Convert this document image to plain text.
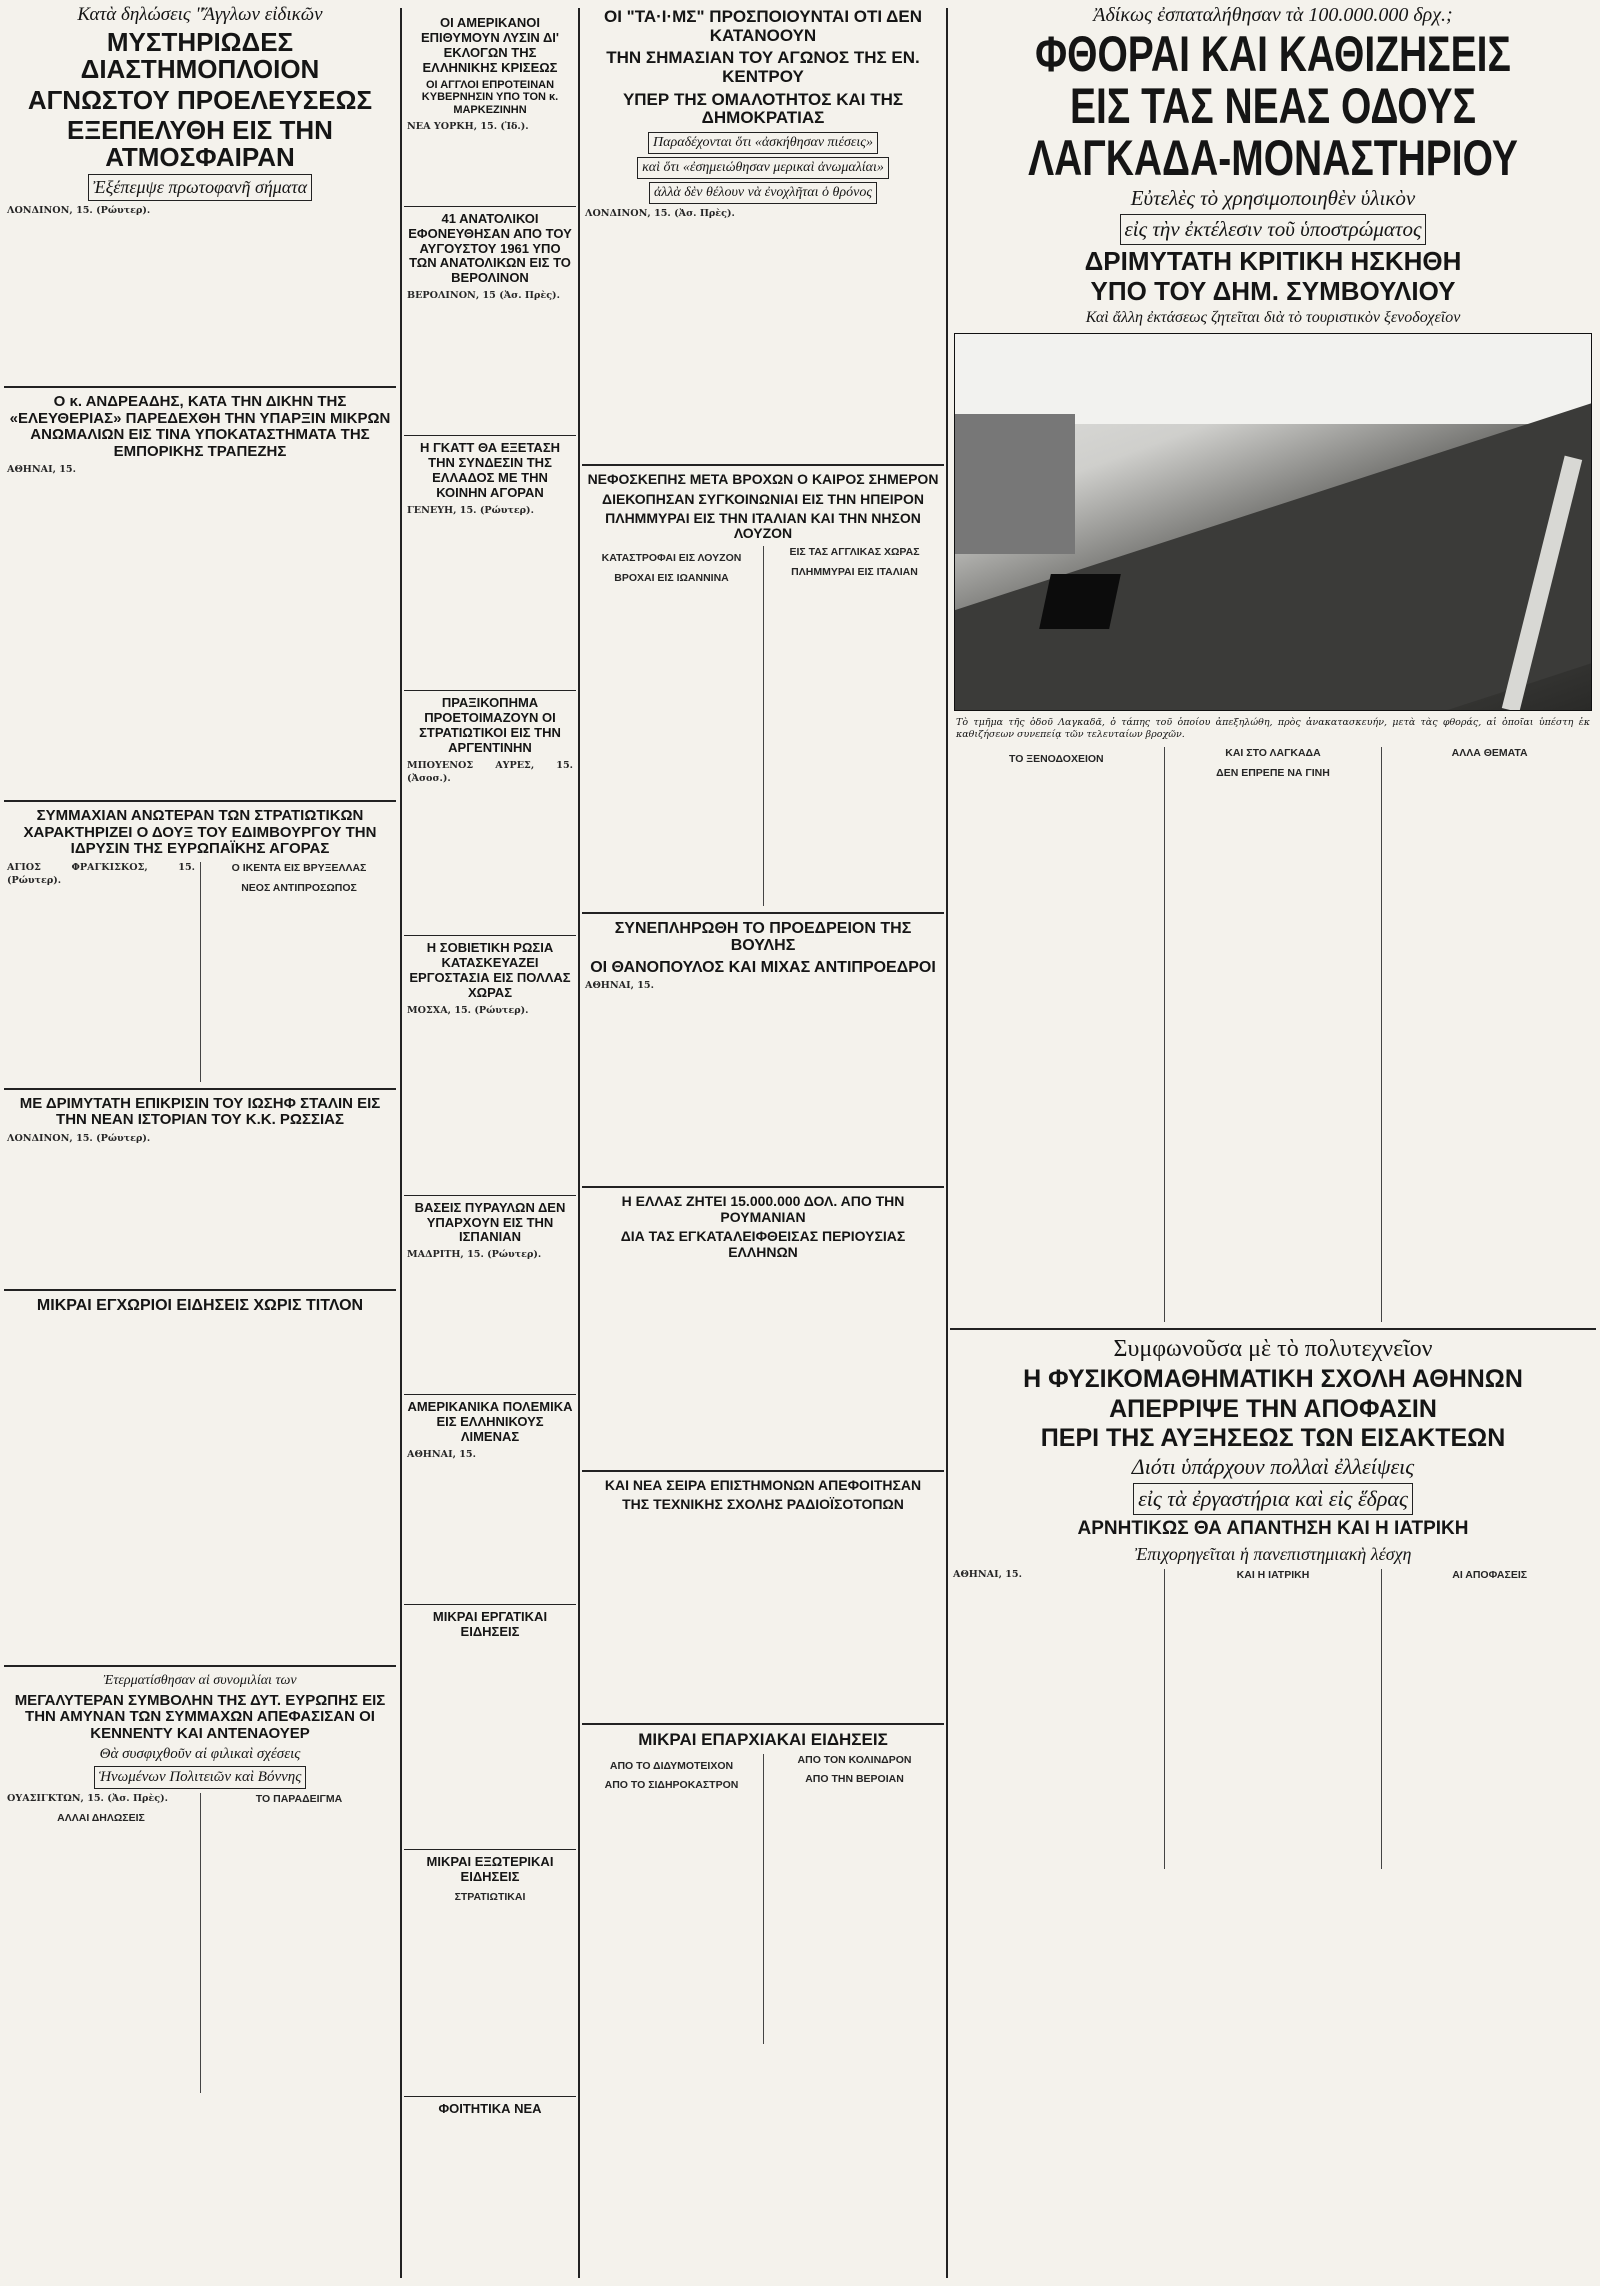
Κατὰ δηλώσεις "Ἄγγλων εἰδικῶν
ΜΥΣΤΗΡΙΩΔΕΣ ΔΙΑΣΤΗΜΟΠΛΟΙΟΝ
ΑΓΝΩΣΤΟΥ ΠΡΟΕΛΕΥΣΕΩΣ
ΕΞΕΠΕΛΥΘΗ ΕΙΣ ΤΗΝ ΑΤΜΟΣΦΑΙΡΑΝ
Ἐξέπεμψε πρωτοφανῆ σήματα
ΛΟΝΔΙΝΟΝ, 15. (Ρώυτερ).
Ο κ. ΑΝΔΡΕΑΔΗΣ, ΚΑΤΑ ΤΗΝ ΔΙΚΗΝ ΤΗΣ «ΕΛΕΥΘΕΡΙΑΣ» ΠΑΡΕΔΕΧΘΗ ΤΗΝ ΥΠΑΡΞΙΝ ΜΙΚΡΩΝ ΑΝΩΜΑΛΙΩΝ ΕΙΣ ΤΙΝΑ ΥΠΟΚΑΤΑΣΤΗΜΑΤΑ ΤΗΣ ΕΜΠΟΡΙΚΗΣ ΤΡΑΠΕΖΗΣ
ΑΘΗΝΑΙ, 15.
ΣΥΜΜΑΧΙΑΝ ΑΝΩΤΕΡΑΝ ΤΩΝ ΣΤΡΑΤΙΩΤΙΚΩΝ ΧΑΡΑΚΤΗΡΙΖΕΙ Ο ΔΟΥΞ ΤΟΥ ΕΔΙΜΒΟΥΡΓΟΥ ΤΗΝ ΙΔΡΥΣΙΝ ΤΗΣ ΕΥΡΩΠΑΪΚΗΣ ΑΓΟΡΑΣ
ΑΓΙΟΣ ΦΡΑΓΚΙΣΚΟΣ, 15. (Ρώυτερ).
Ο ΙΚΕΝΤΑ ΕΙΣ ΒΡΥΞΕΛΛΑΣ
ΝΕΟΣ ΑΝΤΙΠΡΟΣΩΠΟΣ
ΜΕ ΔΡΙΜΥΤΑΤΗ ΕΠΙΚΡΙΣΙΝ ΤΟΥ ΙΩΣΗΦ ΣΤΑΛΙΝ ΕΙΣ ΤΗΝ ΝΕΑΝ ΙΣΤΟΡΙΑΝ ΤΟΥ Κ.Κ. ΡΩΣΣΙΑΣ
ΛΟΝΔΙΝΟΝ, 15. (Ρώυτερ).
ΜΙΚΡΑΙ ΕΓΧΩΡΙΟΙ ΕΙΔΗΣΕΙΣ ΧΩΡΙΣ ΤΙΤΛΟΝ
Ἐτερματίσθησαν αἱ συνομιλίαι των
ΜΕΓΑΛΥΤΕΡΑΝ ΣΥΜΒΟΛΗΝ ΤΗΣ ΔΥΤ. ΕΥΡΩΠΗΣ ΕΙΣ ΤΗΝ ΑΜΥΝΑΝ ΤΩΝ ΣΥΜΜΑΧΩΝ ΑΠΕΦΑΣΙΣΑΝ ΟΙ ΚΕΝΝΕΝΤΥ ΚΑΙ ΑΝΤΕΝΑΟΥΕΡ
Θὰ συσφιχθοῦν αἱ φιλικαὶ σχέσεις
Ἡνωμένων Πολιτειῶν καὶ Βόννης
ΟΥΑΣΙΓΚΤΩΝ, 15. (Ἀσ. Πρὲς).
ΑΛΛΑΙ ΔΗΛΩΣΕΙΣ
ΤΟ ΠΑΡΑΔΕΙΓΜΑ
ΟΙ ΑΜΕΡΙΚΑΝΟΙ ΕΠΙΘΥΜΟΥΝ ΛΥΣΙΝ ΔΙ' ΕΚΛΟΓΩΝ ΤΗΣ ΕΛΛΗΝΙΚΗΣ ΚΡΙΣΕΩΣ
ΟΙ ΑΓΓΛΟΙ ΕΠΡΟΤΕΙΝΑΝ ΚΥΒΕΡΝΗΣΙΝ ΥΠΟ ΤΟΝ κ. ΜΑΡΚΕΖΙΝΗΝ
ΝΕΑ ΥΟΡΚΗ, 15. (Ἰδ.).
41 ΑΝΑΤΟΛΙΚΟΙ ΕΦΟΝΕΥΘΗΣΑΝ ΑΠΟ ΤΟΥ ΑΥΓΟΥΣΤΟΥ 1961 ΥΠΟ ΤΩΝ ΑΝΑΤΟΛΙΚΩΝ ΕΙΣ ΤΟ ΒΕΡΟΛΙΝΟΝ
ΒΕΡΟΛΙΝΟΝ, 15 (Ἀσ. Πρὲς).
Η ΓΚΑΤΤ ΘΑ ΕΞΕΤΑΣΗ ΤΗΝ ΣΥΝΔΕΣΙΝ ΤΗΣ ΕΛΛΑΔΟΣ ΜΕ ΤΗΝ ΚΟΙΝΗΝ ΑΓΟΡΑΝ
ΓΕΝΕΥΗ, 15. (Ρώυτερ).
ΠΡΑΞΙΚΟΠΗΜΑ ΠΡΟΕΤΟΙΜΑΖΟΥΝ ΟΙ ΣΤΡΑΤΙΩΤΙΚΟΙ ΕΙΣ ΤΗΝ ΑΡΓΕΝΤΙΝΗΝ
ΜΠΟΥΕΝΟΣ ΑΥΡΕΣ, 15. (Ἀσοσ.).
Η ΣΟΒΙΕΤΙΚΗ ΡΩΣΙΑ ΚΑΤΑΣΚΕΥΑΖΕΙ ΕΡΓΟΣΤΑΣΙΑ ΕΙΣ ΠΟΛΛΑΣ ΧΩΡΑΣ
ΜΟΣΧΑ, 15. (Ρώυτερ).
ΒΑΣΕΙΣ ΠΥΡΑΥΛΩΝ ΔΕΝ ΥΠΑΡΧΟΥΝ ΕΙΣ ΤΗΝ ΙΣΠΑΝΙΑΝ
ΜΑΔΡΙΤΗ, 15. (Ρώυτερ).
ΑΜΕΡΙΚΑΝΙΚΑ ΠΟΛΕΜΙΚΑ ΕΙΣ ΕΛΛΗΝΙΚΟΥΣ ΛΙΜΕΝΑΣ
ΑΘΗΝΑΙ, 15.
ΜΙΚΡΑΙ ΕΡΓΑΤΙΚΑΙ ΕΙΔΗΣΕΙΣ
ΜΙΚΡΑΙ ΕΞΩΤΕΡΙΚΑΙ ΕΙΔΗΣΕΙΣ
ΣΤΡΑΤΙΩΤΙΚΑΙ
ΦΟΙΤΗΤΙΚΑ ΝΕΑ
ΟΙ "ΤΑ·Ι·ΜΣ" ΠΡΟΣΠΟΙΟΥΝΤΑΙ ΟΤΙ ΔΕΝ ΚΑΤΑΝΟΟΥΝ
ΤΗΝ ΣΗΜΑΣΙΑΝ ΤΟΥ ΑΓΩΝΟΣ ΤΗΣ ΕΝ. ΚΕΝΤΡΟΥ
ΥΠΕΡ ΤΗΣ ΟΜΑΛΟΤΗΤΟΣ ΚΑΙ ΤΗΣ ΔΗΜΟΚΡΑΤΙΑΣ
Παραδέχονται ὅτι «ἀσκήθησαν πιέσεις»
καὶ ὅτι «ἐσημειώθησαν μερικαὶ ἀνωμαλίαι»
ἀλλὰ δὲν θέλουν νὰ ἐνοχλῆται ὁ θρόνος
ΛΟΝΔΙΝΟΝ, 15. (Ἀσ. Πρὲς).
ΝΕΦΟΣΚΕΠΗΣ ΜΕΤΑ ΒΡΟΧΩΝ Ο ΚΑΙΡΟΣ ΣΗΜΕΡΟΝ
ΔΙΕΚΟΠΗΣΑΝ ΣΥΓΚΟΙΝΩΝΙΑΙ ΕΙΣ ΤΗΝ ΗΠΕΙΡΟΝ
ΠΛΗΜΜΥΡΑΙ ΕΙΣ ΤΗΝ ΙΤΑΛΙΑΝ ΚΑΙ ΤΗΝ ΝΗΣΟΝ ΛΟΥΖΟΝ
ΚΑΤΑΣΤΡΟΦΑΙ ΕΙΣ ΛΟΥΖΟΝ
ΒΡΟΧΑΙ ΕΙΣ ΙΩΑΝΝΙΝΑ
ΕΙΣ ΤΑΣ ΑΓΓΛΙΚΑΣ ΧΩΡΑΣ
ΠΛΗΜΜΥΡΑΙ ΕΙΣ ΙΤΑΛΙΑΝ
ΣΥΝΕΠΛΗΡΩΘΗ ΤΟ ΠΡΟΕΔΡΕΙΟΝ ΤΗΣ ΒΟΥΛΗΣ
ΟΙ ΘΑΝΟΠΟΥΛΟΣ ΚΑΙ ΜΙΧΑΣ ΑΝΤΙΠΡΟΕΔΡΟΙ
ΑΘΗΝΑΙ, 15.
Η ΕΛΛΑΣ ΖΗΤΕΙ 15.000.000 ΔΟΛ. ΑΠΟ ΤΗΝ ΡΟΥΜΑΝΙΑΝ
ΔΙΑ ΤΑΣ ΕΓΚΑΤΑΛΕΙΦΘΕΙΣΑΣ ΠΕΡΙΟΥΣΙΑΣ ΕΛΛΗΝΩΝ
ΚΑΙ ΝΕΑ ΣΕΙΡΑ ΕΠΙΣΤΗΜΟΝΩΝ ΑΠΕΦΟΙΤΗΣΑΝ
ΤΗΣ ΤΕΧΝΙΚΗΣ ΣΧΟΛΗΣ ΡΑΔΙΟΪΣΟΤΟΠΩΝ
ΜΙΚΡΑΙ ΕΠΑΡΧΙΑΚΑΙ ΕΙΔΗΣΕΙΣ
ΑΠΟ ΤΟ ΔΙΔΥΜΟΤΕΙΧΟΝ
ΑΠΟ ΤΟ ΣΙΔΗΡΟΚΑΣΤΡΟΝ
ΑΠΟ ΤΟΝ ΚΟΛΙΝΔΡΟΝ
ΑΠΟ ΤΗΝ ΒΕΡΟΙΑΝ
Ἀδίκως ἐσπαταλήθησαν τὰ 100.000.000 δρχ.;
ΦΘΟΡΑΙ ΚΑΙ ΚΑΘΙΖΗΣΕΙΣ
ΕΙΣ ΤΑΣ ΝΕΑΣ ΟΔΟΥΣ
ΛΑΓΚΑΔΑ-ΜΟΝΑΣΤΗΡΙΟΥ
Εὐτελὲς τὸ χρησιμοποιηθὲν ὑλικὸν
εἰς τὴν ἐκτέλεσιν τοῦ ὑποστρώματος
ΔΡΙΜΥΤΑΤΗ ΚΡΙΤΙΚΗ ΗΣΚΗΘΗ
ΥΠΟ ΤΟΥ ΔΗΜ. ΣΥΜΒΟΥΛΙΟΥ
Καὶ ἄλλη ἐκτάσεως ζητεῖται διὰ τὸ τουριστικὸν ξενοδοχεῖον
Τὸ τμῆμα τῆς ὁδοῦ Λαγκαδᾶ, ὁ τάπης τοῦ ὁποίου ἀπεξηλώθη, πρὸς ἀνακατασκευήν, μετὰ τὰς φθοράς, αἱ ὁποῖαι ὑπέστη ἐκ καθιζήσεων συνεπείᾳ τῶν τελευταίων βροχῶν.
ΤΟ ΞΕΝΟΔΟΧΕΙΟΝ	ΚΑΙ ΣΤΟ ΛΑΓΚΑΔΑ
ΔΕΝ ΕΠΡΕΠΕ ΝΑ ΓΙΝΗ
ΑΛΛΑ ΘΕΜΑΤΑ
Συμφωνοῦσα μὲ τὸ πολυτεχνεῖον
Η ΦΥΣΙΚΟΜΑΘΗΜΑΤΙΚΗ ΣΧΟΛΗ ΑΘΗΝΩΝ
ΑΠΕΡΡΙΨΕ ΤΗΝ ΑΠΟΦΑΣΙΝ
ΠΕΡΙ ΤΗΣ ΑΥΞΗΣΕΩΣ ΤΩΝ ΕΙΣΑΚΤΕΩΝ
Διότι ὑπάρχουν πολλαὶ ἐλλείψεις
εἰς τὰ ἐργαστήρια καὶ εἰς ἕδρας
ΑΡΝΗΤΙΚΩΣ ΘΑ ΑΠΑΝΤΗΣΗ ΚΑΙ Η ΙΑΤΡΙΚΗ
Ἐπιχορηγεῖται ἡ πανεπιστημιακὴ λέσχη
ΑΘΗΝΑΙ, 15.	ΚΑΙ Η ΙΑΤΡΙΚΗ	ΑΙ ΑΠΟΦΑΣΕΙΣ
